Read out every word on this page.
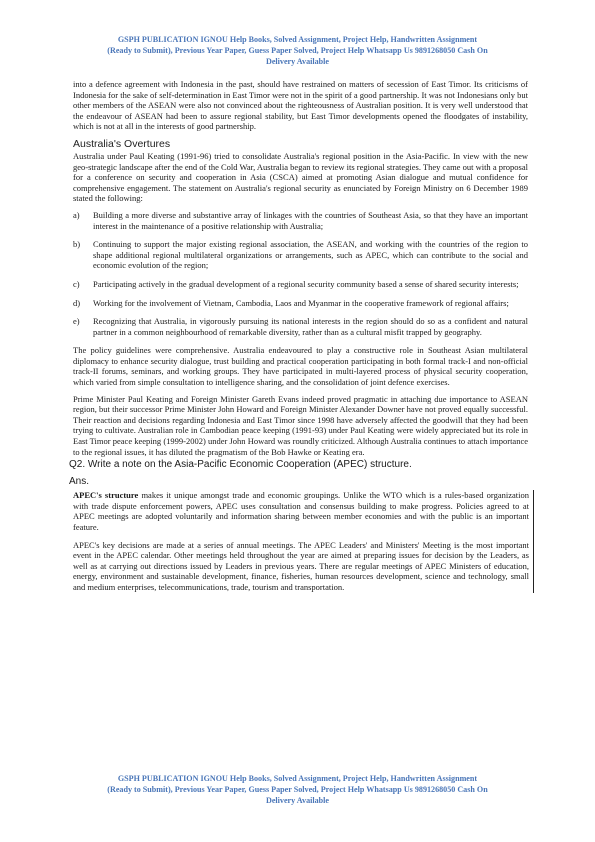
GSPH PUBLICATION IGNOU Help Books, Solved Assignment, Project Help, Handwritten Assignment
(Ready to Submit), Previous Year Paper, Guess Paper Solved, Project Help Whatsapp Us 9891268050 Cash On
Delivery Available

into a defence agreement with Indonesia in the past, should have restrained on matters of secession of East Timor. Its criticisms of Indonesia for the sake of self-determination in East Timor were not in the spirit of a good partnership. It was not Indonesians only but other members of the ASEAN were also not convinced about the righteousness of Australian position. It is very well understood that the endeavour of ASEAN had been to assure regional stability, but East Timor developments opened the floodgates of instability, which is not at all in the interests of good partnership.

Australia's Overtures

Australia under Paul Keating (1991-96) tried to consolidate Australia's regional position in the Asia-Pacific. In view with the new geo-strategic landscape after the end of the Cold War, Australia began to review its regional strategies. They came out with a proposal for a conference on security and cooperation in Asia (CSCA) aimed at promoting Asian dialogue and mutual confidence for comprehensive engagement. The statement on Australia's regional security as enunciated by Foreign Ministry on 6 December 1989 stated the following:

a)	Building a more diverse and substantive array of linkages with the countries of Southeast Asia, so that they have an important interest in the maintenance of a positive relationship with Australia;
b)	Continuing to support the major existing regional association, the ASEAN, and working with the countries of the region to shape additional regional multilateral organizations or arrangements, such as APEC, which can contribute to the social and economic evolution of the region;
c)	Participating actively in the gradual development of a regional security community based a sense of shared security interests;
d)	Working for the involvement of Vietnam, Cambodia, Laos and Myanmar in the cooperative framework of regional affairs;
e)	Recognizing that Australia, in vigorously pursuing its national interests in the region should do so as a confident and natural partner in a common neighbourhood of remarkable diversity, rather than as a cultural misfit trapped by geography.

The policy guidelines were comprehensive. Australia endeavoured to play a constructive role in Southeast Asian multilateral diplomacy to enhance security dialogue, trust building and practical cooperation participating in both formal track-I and non-official track-II forums, seminars, and working groups. They have participated in multi-layered process of physical security cooperation, which varied from simple consultation to intelligence sharing, and the consolidation of joint defence exercises.

Prime Minister Paul Keating and Foreign Minister Gareth Evans indeed proved pragmatic in attaching due importance to ASEAN region, but their successor Prime Minister John Howard and Foreign Minister Alexander Downer have not proved equally successful. Their reaction and decisions regarding Indonesia and East Timor since 1998 have adversely affected the goodwill that they had been trying to cultivate. Australian role in Cambodian peace keeping (1991-93) under Paul Keating were widely appreciated but its role in East Timor peace keeping (1999-2002) under John Howard was roundly criticized. Although Australia continues to attach importance to the regional issues, it has diluted the pragmatism of the Bob Hawke or Keating era.

Q2. Write a note on the Asia-Pacific Economic Cooperation (APEC) structure.
Ans.

APEC's structure makes it unique amongst trade and economic groupings. Unlike the WTO which is a rules-based organization with trade dispute enforcement powers, APEC uses consultation and consensus building to make progress. Policies agreed to at APEC meetings are adopted voluntarily and information sharing between member economies and with the public is an important feature.

APEC's key decisions are made at a series of annual meetings. The APEC Leaders' and Ministers' Meeting is the most important event in the APEC calendar. Other meetings held throughout the year are aimed at preparing issues for decision by the Leaders, as well as at carrying out directions issued by Leaders in previous years. There are regular meetings of APEC Ministers of education, energy, environment and sustainable development, finance, fisheries, human resources development, science and technology, small and medium enterprises, telecommunications, trade, tourism and transportation.

GSPH PUBLICATION IGNOU Help Books, Solved Assignment, Project Help, Handwritten Assignment
(Ready to Submit), Previous Year Paper, Guess Paper Solved, Project Help Whatsapp Us 9891268050 Cash On
Delivery Available
